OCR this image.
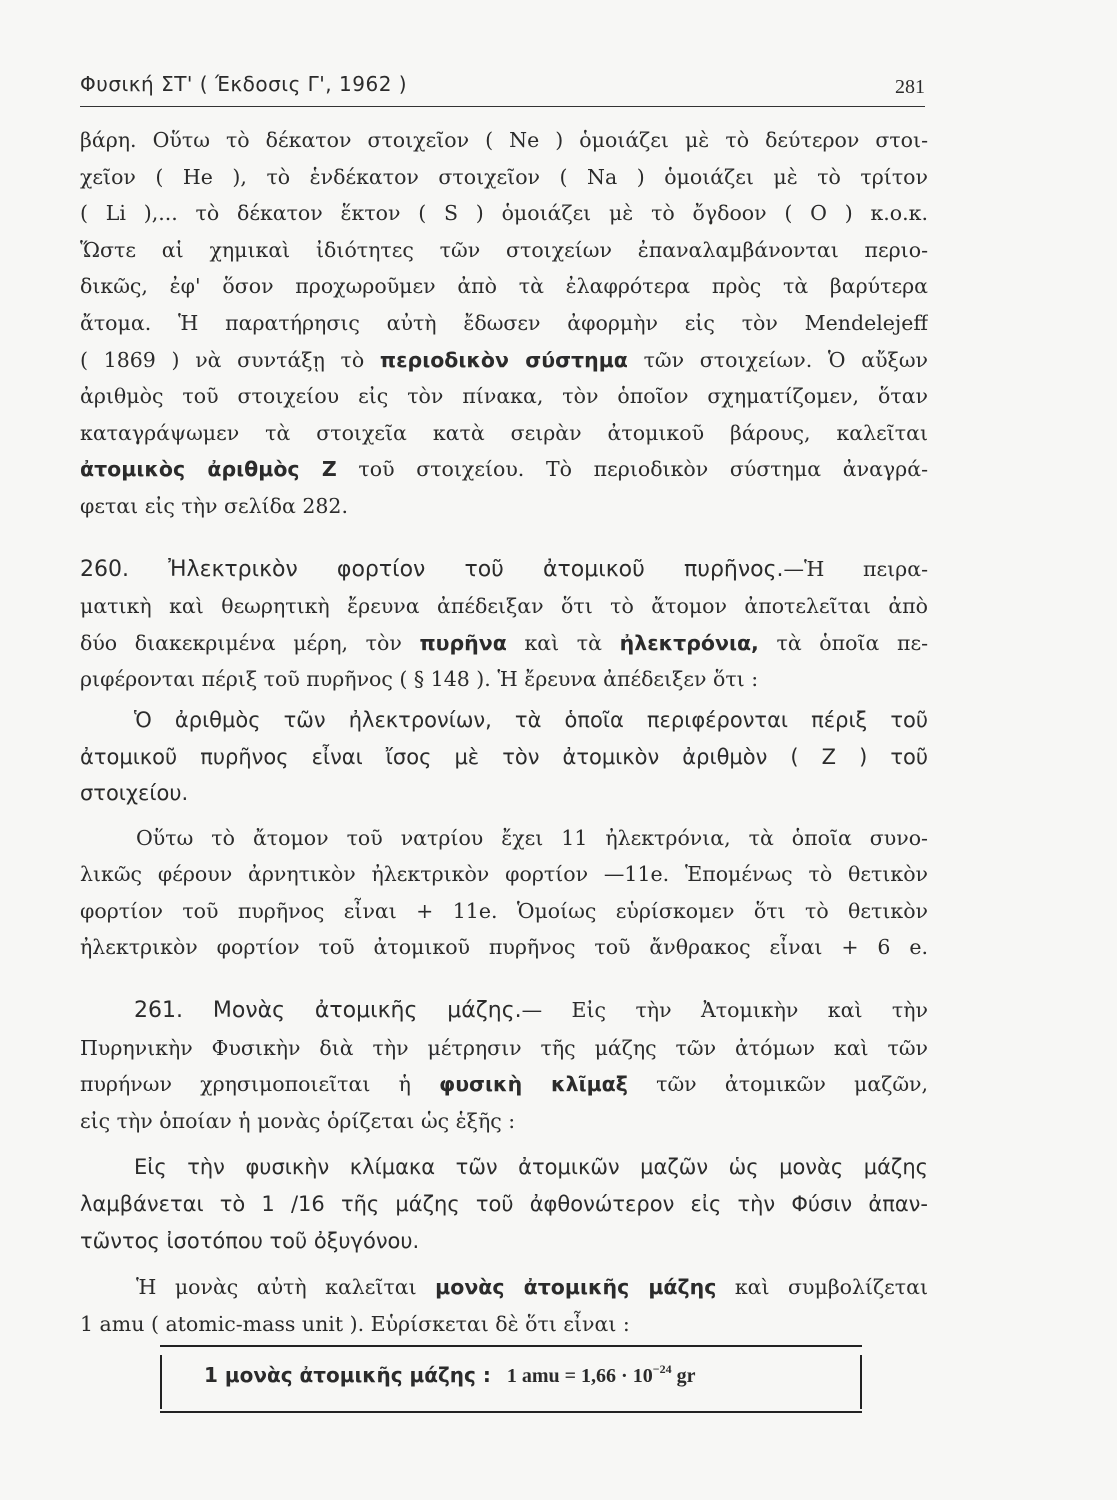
Φυσική ΣΤ' ( Έκδοσις Γ', 1962 )	281
βάρη. Οὕτω τὸ δέκατον στοιχεῖον ( Ne ) ὁμοιάζει μὲ τὸ δεύτερον στοι-
χεῖον ( He ), τὸ ἑνδέκατον στοιχεῖον ( Na ) ὁμοιάζει μὲ τὸ τρίτον
( Li ),... τὸ δέκατον ἕκτον ( S ) ὁμοιάζει μὲ τὸ ὄγδοον ( O ) κ.ο.κ.
Ὥστε αἱ χημικαὶ ἰδιότητες τῶν στοιχείων ἐπαναλαμβάνονται περιο-
δικῶς, ἐφ' ὅσον προχωροῦμεν ἀπὸ τὰ ἐλαφρότερα πρὸς τὰ βαρύτερα
ἄτομα. Ἡ παρατήρησις αὐτὴ ἔδωσεν ἀφορμὴν εἰς τὸν Mendelejeff
( 1869 ) νὰ συντάξῃ τὸ περιοδικὸν σύστημα τῶν στοιχείων. Ὁ αὔξων
ἀριθμὸς τοῦ στοιχείου εἰς τὸν πίνακα, τὸν ὁποῖον σχηματίζομεν, ὅταν
καταγράψωμεν τὰ στοιχεῖα κατὰ σειρὰν ἀτομικοῦ βάρους, καλεῖται
ἀτομικὸς ἀριθμὸς Z τοῦ στοιχείου. Τὸ περιοδικὸν σύστημα ἀναγρά-
φεται εἰς τὴν σελίδα 282.
260. Ἠλεκτρικὸν φορτίον τοῦ ἀτομικοῦ πυρῆνος.—Ἡ πειρα-
ματικὴ καὶ θεωρητικὴ ἔρευνα ἀπέδειξαν ὅτι τὸ ἄτομον ἀποτελεῖται ἀπὸ
δύο διακεκριμένα μέρη, τὸν πυρῆνα καὶ τὰ ἠλεκτρόνια, τὰ ὁποῖα πε-
ριφέρονται πέριξ τοῦ πυρῆνος ( § 148 ). Ἡ ἔρευνα ἀπέδειξεν ὅτι :
Ὁ ἀριθμὸς τῶν ἠλεκτρονίων, τὰ ὁποῖα περιφέρονται πέριξ τοῦ
ἀτομικοῦ πυρῆνος εἶναι ἴσος μὲ τὸν ἀτομικὸν ἀριθμὸν ( Z ) τοῦ
στοιχείου.
Οὕτω τὸ ἄτομον τοῦ νατρίου ἔχει 11 ἠλεκτρόνια, τὰ ὁποῖα συνο-
λικῶς φέρουν ἀρνητικὸν ἠλεκτρικὸν φορτίον —11e. Ἑπομένως τὸ θετικὸν
φορτίον τοῦ πυρῆνος εἶναι + 11e. Ὁμοίως εὑρίσκομεν ὅτι τὸ θετικὸν
ἠλεκτρικὸν φορτίον τοῦ ἀτομικοῦ πυρῆνος τοῦ ἄνθρακος εἶναι + 6 e.
261. Μονὰς ἀτομικῆς μάζης.— Εἰς τὴν Ἀτομικὴν καὶ τὴν
Πυρηνικὴν Φυσικὴν διὰ τὴν μέτρησιν τῆς μάζης τῶν ἀτόμων καὶ τῶν
πυρήνων χρησιμοποιεῖται ἡ φυσικὴ κλῖμαξ τῶν ἀτομικῶν μαζῶν,
εἰς τὴν ὁποίαν ἡ μονὰς ὁρίζεται ὡς ἑξῆς :
Εἰς τὴν φυσικὴν κλίμακα τῶν ἀτομικῶν μαζῶν ὡς μονὰς μάζης
λαμβάνεται τὸ 1 /16 τῆς μάζης τοῦ ἀφθονώτερον εἰς τὴν Φύσιν ἀπαν-
τῶντος ἰσοτόπου τοῦ ὀξυγόνου.
Ἡ μονὰς αὐτὴ καλεῖται μονὰς ἀτομικῆς μάζης καὶ συμβολίζεται
1 amu ( atomic-mass unit ). Εὑρίσκεται δὲ ὅτι εἶναι :
1 μονὰς ἀτομικῆς μάζης : 1 amu = $1,66 \cdot 10^{-24}$ gr
